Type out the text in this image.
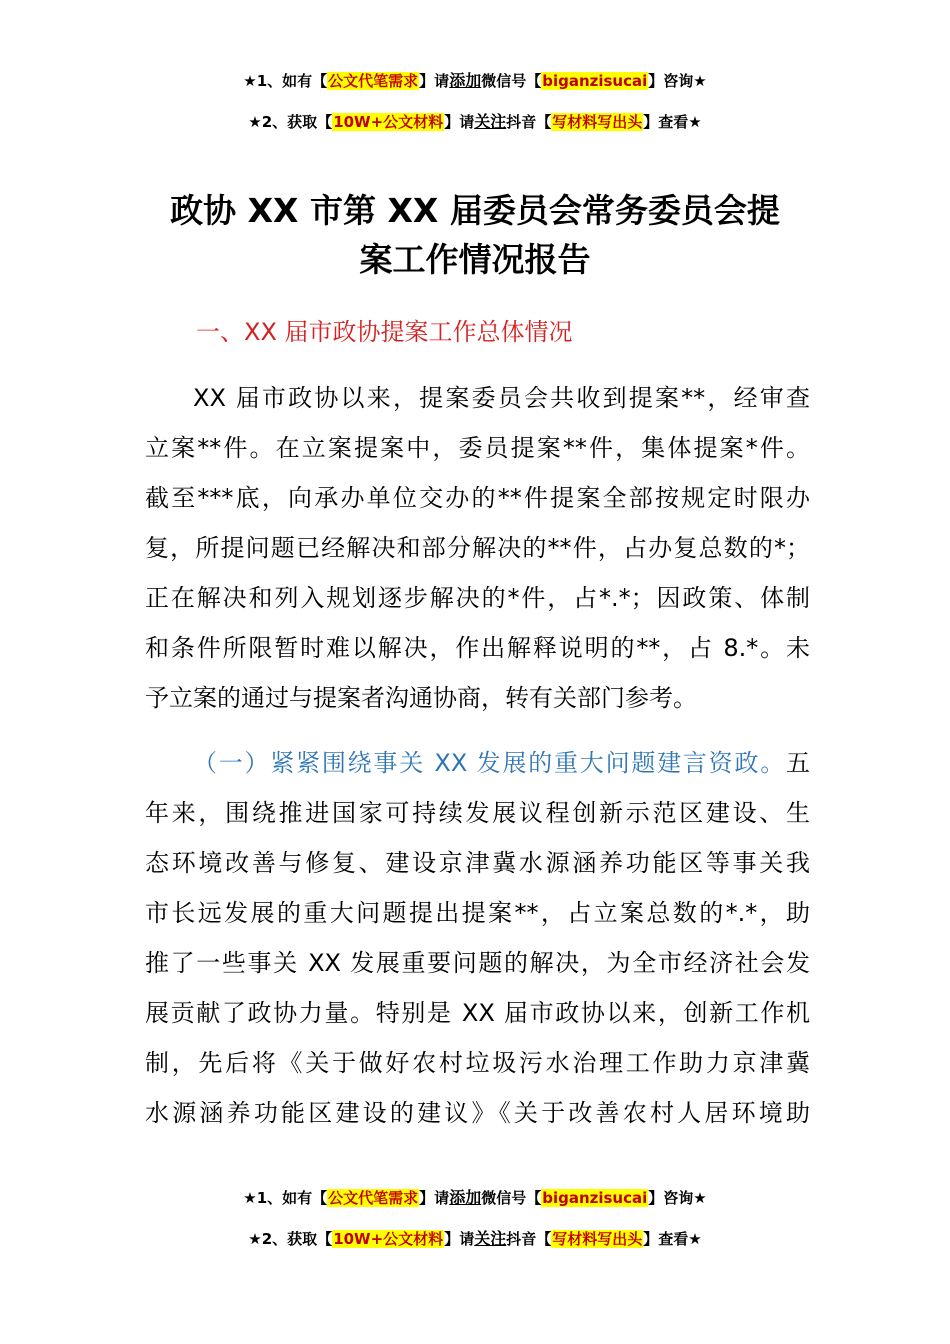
★1、如有【公文代笔需求】请添加微信号【biganzisucai】咨询★
★2、获取【10W+公文材料】请关注抖音【写材料写出头】查看★
政协 XX 市第 XX 届委员会常务委员会提
案工作情况报告
一、XX 届市政协提案工作总体情况
XX 届市政协以来，提案委员会共收到提案**，经审查
立案**件。在立案提案中，委员提案**件，集体提案*件。
截至***底，向承办单位交办的**件提案全部按规定时限办
复，所提问题已经解决和部分解决的**件，占办复总数的*；
正在解决和列入规划逐步解决的*件，占*.*；因政策、体制
和条件所限暂时难以解决，作出解释说明的**，占 8.*。未
予立案的通过与提案者沟通协商，转有关部门参考。
（一）紧紧围绕事关 XX 发展的重大问题建言资政。五
年来，围绕推进国家可持续发展议程创新示范区建设、生
态环境改善与修复、建设京津冀水源涵养功能区等事关我
市长远发展的重大问题提出提案**，占立案总数的*.*，助
推了一些事关 XX 发展重要问题的解决，为全市经济社会发
展贡献了政协力量。特别是 XX 届市政协以来，创新工作机
制，先后将《关于做好农村垃圾污水治理工作助力京津冀
水源涵养功能区建设的建议》《关于改善农村人居环境助
★1、如有【公文代笔需求】请添加微信号【biganzisucai】咨询★
★2、获取【10W+公文材料】请关注抖音【写材料写出头】查看★
